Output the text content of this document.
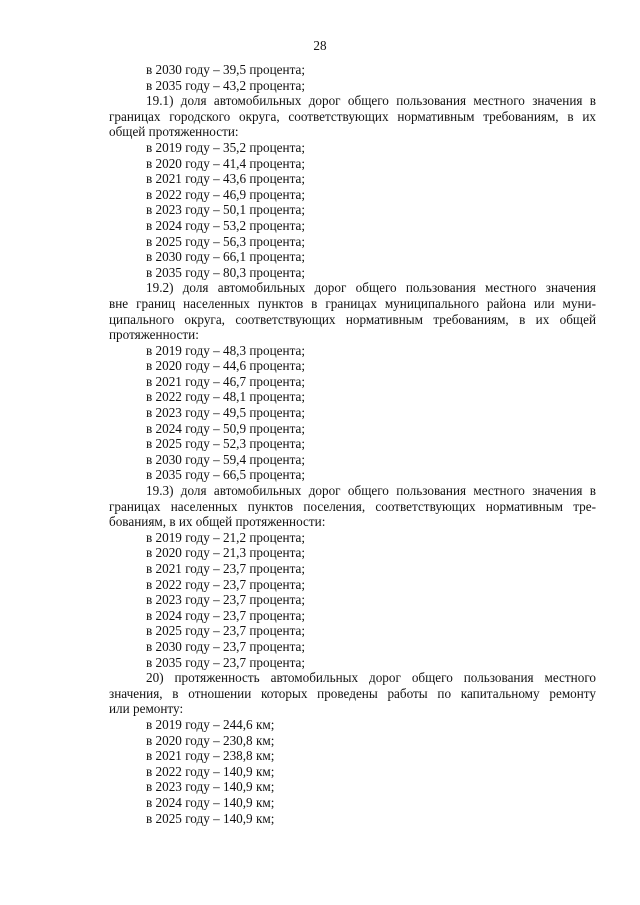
28
в 2030 году – 39,5 процента;
в 2035 году – 43,2 процента;
19.1) доля автомобильных дорог общего пользования местного значения в
границах городского округа, соответствующих нормативным требованиям, в их
общей протяженности:
в 2019 году – 35,2 процента;
в 2020 году – 41,4 процента;
в 2021 году – 43,6 процента;
в 2022 году – 46,9 процента;
в 2023 году – 50,1 процента;
в 2024 году – 53,2 процента;
в 2025 году – 56,3 процента;
в 2030 году – 66,1 процента;
в 2035 году – 80,3 процента;
19.2) доля автомобильных дорог общего пользования местного значения
вне границ населенных пунктов в границах муниципального района или муни-
ципального округа, соответствующих нормативным требованиям, в их общей
протяженности:
в 2019 году – 48,3 процента;
в 2020 году – 44,6 процента;
в 2021 году – 46,7 процента;
в 2022 году – 48,1 процента;
в 2023 году – 49,5 процента;
в 2024 году – 50,9 процента;
в 2025 году – 52,3 процента;
в 2030 году – 59,4 процента;
в 2035 году – 66,5 процента;
19.3) доля автомобильных дорог общего пользования местного значения в
границах населенных пунктов поселения, соответствующих нормативным тре-
бованиям, в их общей протяженности:
в 2019 году – 21,2 процента;
в 2020 году – 21,3 процента;
в 2021 году – 23,7 процента;
в 2022 году – 23,7 процента;
в 2023 году – 23,7 процента;
в 2024 году – 23,7 процента;
в 2025 году – 23,7 процента;
в 2030 году – 23,7 процента;
в 2035 году – 23,7 процента;
20) протяженность автомобильных дорог общего пользования местного
значения, в отношении которых проведены работы по капитальному ремонту
или ремонту:
в 2019 году – 244,6 км;
в 2020 году – 230,8 км;
в 2021 году – 238,8 км;
в 2022 году – 140,9 км;
в 2023 году – 140,9 км;
в 2024 году – 140,9 км;
в 2025 году – 140,9 км;
